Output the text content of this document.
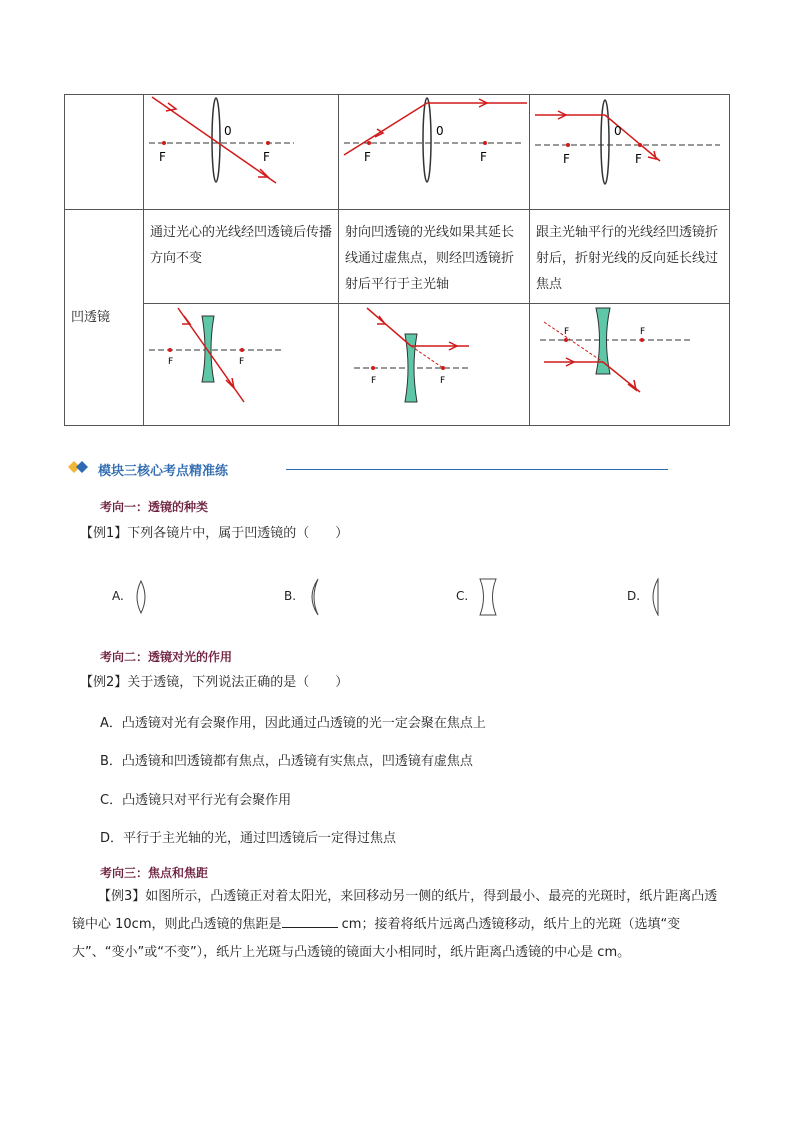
F F
0	F F
0	F F
0

凹透镜	通过光心的光线经凹透镜后传播方向不变	射向凹透镜的光线如果其延长线通过虚焦点，则经凹透镜折射后平行于主光轴	跟主光轴平行的光线经凹透镜折射后，折射光线的反向延长线过焦点

F F	F F	F F
模块三核心考点精准练
考向一：透镜的种类
【例1】下列各镜片中，属于凹透镜的（　　）
A.	B.	C.	D.
考向二：透镜对光的作用
【例2】关于透镜，下列说法正确的是（　　）
A．凸透镜对光有会聚作用，因此通过凸透镜的光一定会聚在焦点上
B．凸透镜和凹透镜都有焦点，凸透镜有实焦点，凹透镜有虚焦点
C．凸透镜只对平行光有会聚作用
D．平行于主光轴的光，通过凹透镜后一定得过焦点
考向三：焦点和焦距
【例3】如图所示，凸透镜正对着太阳光，来回移动另一侧的纸片，得到最小、最亮的光斑时，纸片距离凸透镜中心 10cm，则此凸透镜的焦距是	cm；接着将纸片远离凸透镜移动，纸片上的光斑（选填“变大”、“变小”或“不变”），纸片上光斑与凸透镜的镜面大小相同时，纸片距离凸透镜的中心是 cm。
